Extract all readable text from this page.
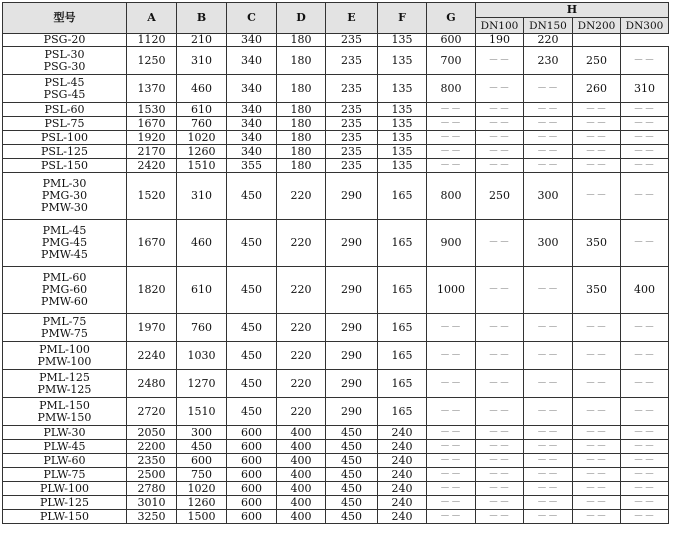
型号	A	B	C	D	E	F	G	H			
								DN100	DN150	DN200	DN300

PSG-20	1120	210	340	180	235	135	600	190	220		

PSL-30
PSG-30	1250	310	340	180	235	135	700	－－	230	250	－－

PSL-45
PSG-45	1370	460	340	180	235	135	800	－－	－－	260	310

PSL-60	1530	610	340	180	235	135	－－	－－	－－	－－	－－

PSL-75	1670	760	340	180	235	135	－－	－－	－－	－－	－－

PSL-100	1920	1020	340	180	235	135	－－	－－	－－	－－	－－

PSL-125	2170	1260	340	180	235	135	－－	－－	－－	－－	－－

PSL-150	2420	1510	355	180	235	135	－－	－－	－－	－－	－－

PML-30
PMG-30
PMW-30	1520	310	450	220	290	165	800	250	300	－－	－－

PML-45
PMG-45
PMW-45	1670	460	450	220	290	165	900	－－	300	350	－－

PML-60
PMG-60
PMW-60	1820	610	450	220	290	165	1000	－－	－－	350	400

PML-75
PMW-75	1970	760	450	220	290	165	－－	－－	－－	－－	－－

PML-100
PMW-100	2240	1030	450	220	290	165	－－	－－	－－	－－	－－

PML-125
PMW-125	2480	1270	450	220	290	165	－－	－－	－－	－－	－－

PML-150
PMW-150	2720	1510	450	220	290	165	－－	－－	－－	－－	－－

PLW-30	2050	300	600	400	450	240	－－	－－	－－	－－	－－

PLW-45	2200	450	600	400	450	240	－－	－－	－－	－－	－－

PLW-60	2350	600	600	400	450	240	－－	－－	－－	－－	－－

PLW-75	2500	750	600	400	450	240	－－	－－	－－	－－	－－

PLW-100	2780	1020	600	400	450	240	－－	－－	－－	－－	－－

PLW-125	3010	1260	600	400	450	240	－－	－－	－－	－－	－－

PLW-150	3250	1500	600	400	450	240	－－	－－	－－	－－	－－
